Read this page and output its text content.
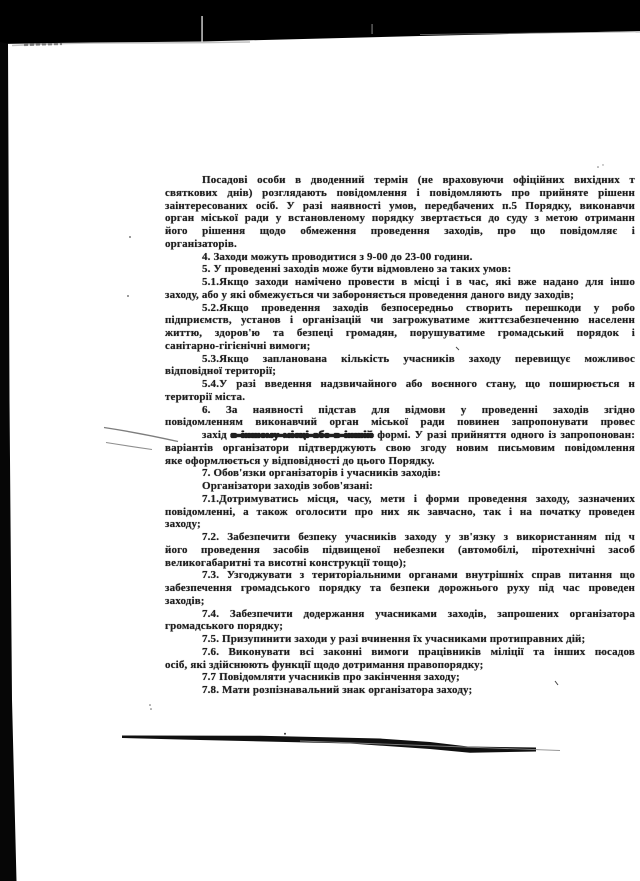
Посадові особи в дводенний термін (не враховуючи офіційних вихідних т
святкових днів) розглядають повідомлення і повідомляють про прийняте рішенн
заінтересованих осіб. У разі наявності умов, передбачених п.5 Порядку, виконавчи
орган міської ради у встановленому порядку звертається до суду з метою отриманн
його рішення щодо обмеження проведення заходів, про що повідомляє і
організаторів.
4. Заходи можуть проводитися з 9-00 до 23-00 години.
5. У проведенні заходів може бути відмовлено за таких умов:
5.1.Якщо заходи намічено провести в місці і в час, які вже надано для іншо
заходу, або у які обмежується чи забороняється проведення даного виду заходів;
5.2.Якщо проведення заходів безпосередньо створить перешкоди у робо
підприємств, установ і організацій чи загрожуватиме життєзабезпеченню населенн
життю, здоров'ю та безпеці громадян, порушуватиме громадський порядок і
санітарно-гігієнічні вимоги;
5.3.Якщо запланована кількість учасників заходу перевищує можливос
відповідної території;
5.4.У разі введення надзвичайного або воєнного стану, що поширюється н
території міста.
6. За наявності підстав для відмови у проведенні заходів згідно
повідомленням виконавчий орган міської ради повинен запропонувати провес
захід в іншому місці або в іншій формі. У разі прийняття одного із запропонован:
варіантів організатори підтверджують свою згоду новим письмовим повідомлення
яке оформлюється у відповідності до цього Порядку.
7. Обов'язки організаторів і учасників заходів:
Організатори заходів зобов'язані:
7.1.Дотримуватись місця, часу, мети і форми проведення заходу, зазначених
повідомленні, а також оголосити про них як завчасно, так і на початку проведен
заходу;
7.2. Забезпечити безпеку учасників заходу у зв'язку з використанням під ч
його проведення засобів підвищеної небезпеки (автомобілі, піротехнічні засоб
великогабаритні та висотні конструкції тощо);
7.3. Узгоджувати з територіальними органами внутрішніх справ питання що
забезпечення громадського порядку та безпеки дорожнього руху під час проведен
заходів;
7.4. Забезпечити додержання учасниками заходів, запрошених організатора
громадського порядку;
7.5. Призупинити заходи у разі вчинення їх учасниками протиправних дій;
7.6. Виконувати всі законні вимоги працівників міліції та інших посадов
осіб, які здійснюють функції щодо дотримання правопорядку;
7.7 Повідомляти учасників про закінчення заходу;
7.8. Мати розпізнавальний знак організатора заходу;
